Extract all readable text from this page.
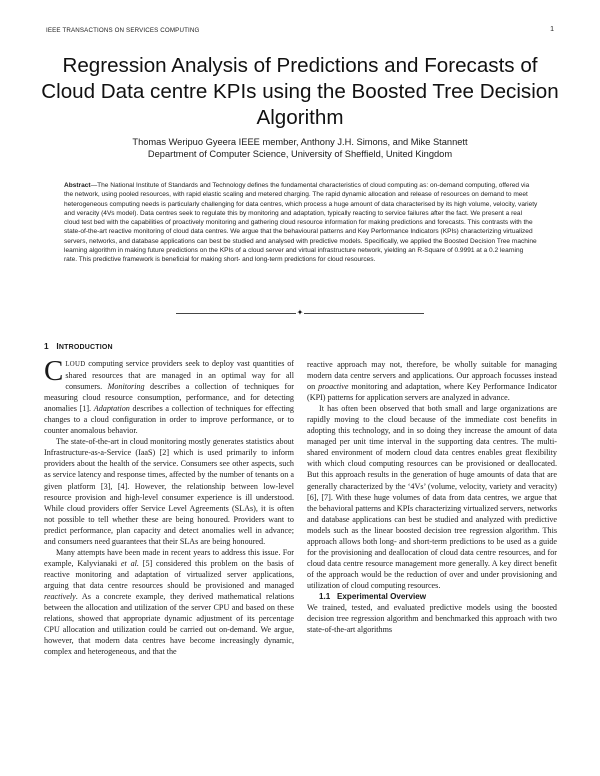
IEEE TRANSACTIONS ON SERVICES COMPUTING	1
Regression Analysis of Predictions and Forecasts of Cloud Data centre KPIs using the Boosted Tree Decision Algorithm
Thomas Weripuo Gyeera IEEE member, Anthony J.H. Simons, and Mike Stannett
Department of Computer Science, University of Sheffield, United Kingdom
Abstract—The National Institute of Standards and Technology defines the fundamental characteristics of cloud computing as: on-demand computing, offered via the network, using pooled resources, with rapid elastic scaling and metered charging. The rapid dynamic allocation and release of resources on demand to meet heterogeneous computing needs is particularly challenging for data centres, which process a huge amount of data characterised by its high volume, velocity, variety and veracity (4Vs model). Data centres seek to regulate this by monitoring and adaptation, typically reacting to service failures after the fact. We present a real cloud test bed with the capabilities of proactively monitoring and gathering cloud resource information for making predictions and forecasts. This contrasts with the state-of-the-art reactive monitoring of cloud data centres. We argue that the behavioural patterns and Key Performance Indicators (KPIs) characterizing virtualized servers, networks, and database applications can best be studied and analysed with predictive models. Specifically, we applied the Boosted Decision Tree machine learning algorithm in making future predictions on the KPIs of a cloud server and virtual infrastructure network, yielding an R-Square of 0.9991 at a 0.2 learning rate. This predictive framework is beneficial for making short- and long-term predictions for cloud resources.
✦
1 INTRODUCTION

CLOUD computing service providers seek to deploy vast quantities of shared resources that are managed in an optimal way for all consumers. Monitoring describes a collection of techniques for measuring cloud resource consumption, performance, and for detecting anomalies [1]. Adaptation describes a collection of techniques for effecting changes to a cloud configuration in order to improve performance, or to counter anomalous behavior.

The state-of-the-art in cloud monitoring mostly generates statistics about Infrastructure-as-a-Service (IaaS) [2] which is used primarily to inform providers about the health of the service. Consumers see other aspects, such as service latency and response times, affected by the number of tenants on a given platform [3], [4]. However, the relationship between low-level resource provision and high-level consumer experience is ill understood. While cloud providers offer Service Level Agreements (SLAs), it is often not possible to tell whether these are being honoured. Providers want to predict performance, plan capacity and detect anomalies well in advance; and consumers need guarantees that their SLAs are being honoured.

Many attempts have been made in recent years to address this issue. For example, Kalyvianaki et al. [5] considered this problem on the basis of reactive monitoring and adaptation of virtualized server applications, arguing that data centre resources should be provisioned and managed reactively. As a concrete example, they derived mathematical relations between the allocation and utilization of the server CPU and based on these relations, showed that appropriate dynamic adjustment of its percentage CPU allocation and utilization could be carried out on-demand. We argue, however, that modern data centres have become increasingly dynamic, complex and heterogeneous, and that the

reactive approach may not, therefore, be wholly suitable for managing modern data centre servers and applications. Our approach focusses instead on proactive monitoring and adaptation, where Key Performance Indicator (KPI) patterns for application servers are analyzed in advance.

It has often been observed that both small and large organizations are rapidly moving to the cloud because of the immediate cost benefits in adopting this technology, and in so doing they increase the amount of data managed per unit time interval in the supporting data centres. The multi-shared environment of modern cloud data centres enables great flexibility with which cloud computing resources can be provisioned or deallocated. But this approach results in the generation of huge amounts of data that are generally characterized by the ‘4Vs’ (volume, velocity, variety and veracity) [6], [7]. With these huge volumes of data from data centres, we argue that the behavioral patterns and KPIs characterizing virtualized servers, networks and database applications can best be studied and analyzed with predictive models such as the linear boosted decision tree regression algorithm. This approach allows both long- and short-term predictions to be used as a guide for the provisioning and deallocation of cloud data centre resources, and for cloud data centre resource management more generally. A key direct benefit of the approach would be the reduction of over and under provisioning and utilization of cloud computing resources.

1.1   Experimental Overview

We trained, tested, and evaluated predictive models using the boosted decision tree regression algorithm and benchmarked this approach with two state-of-the-art algorithms
